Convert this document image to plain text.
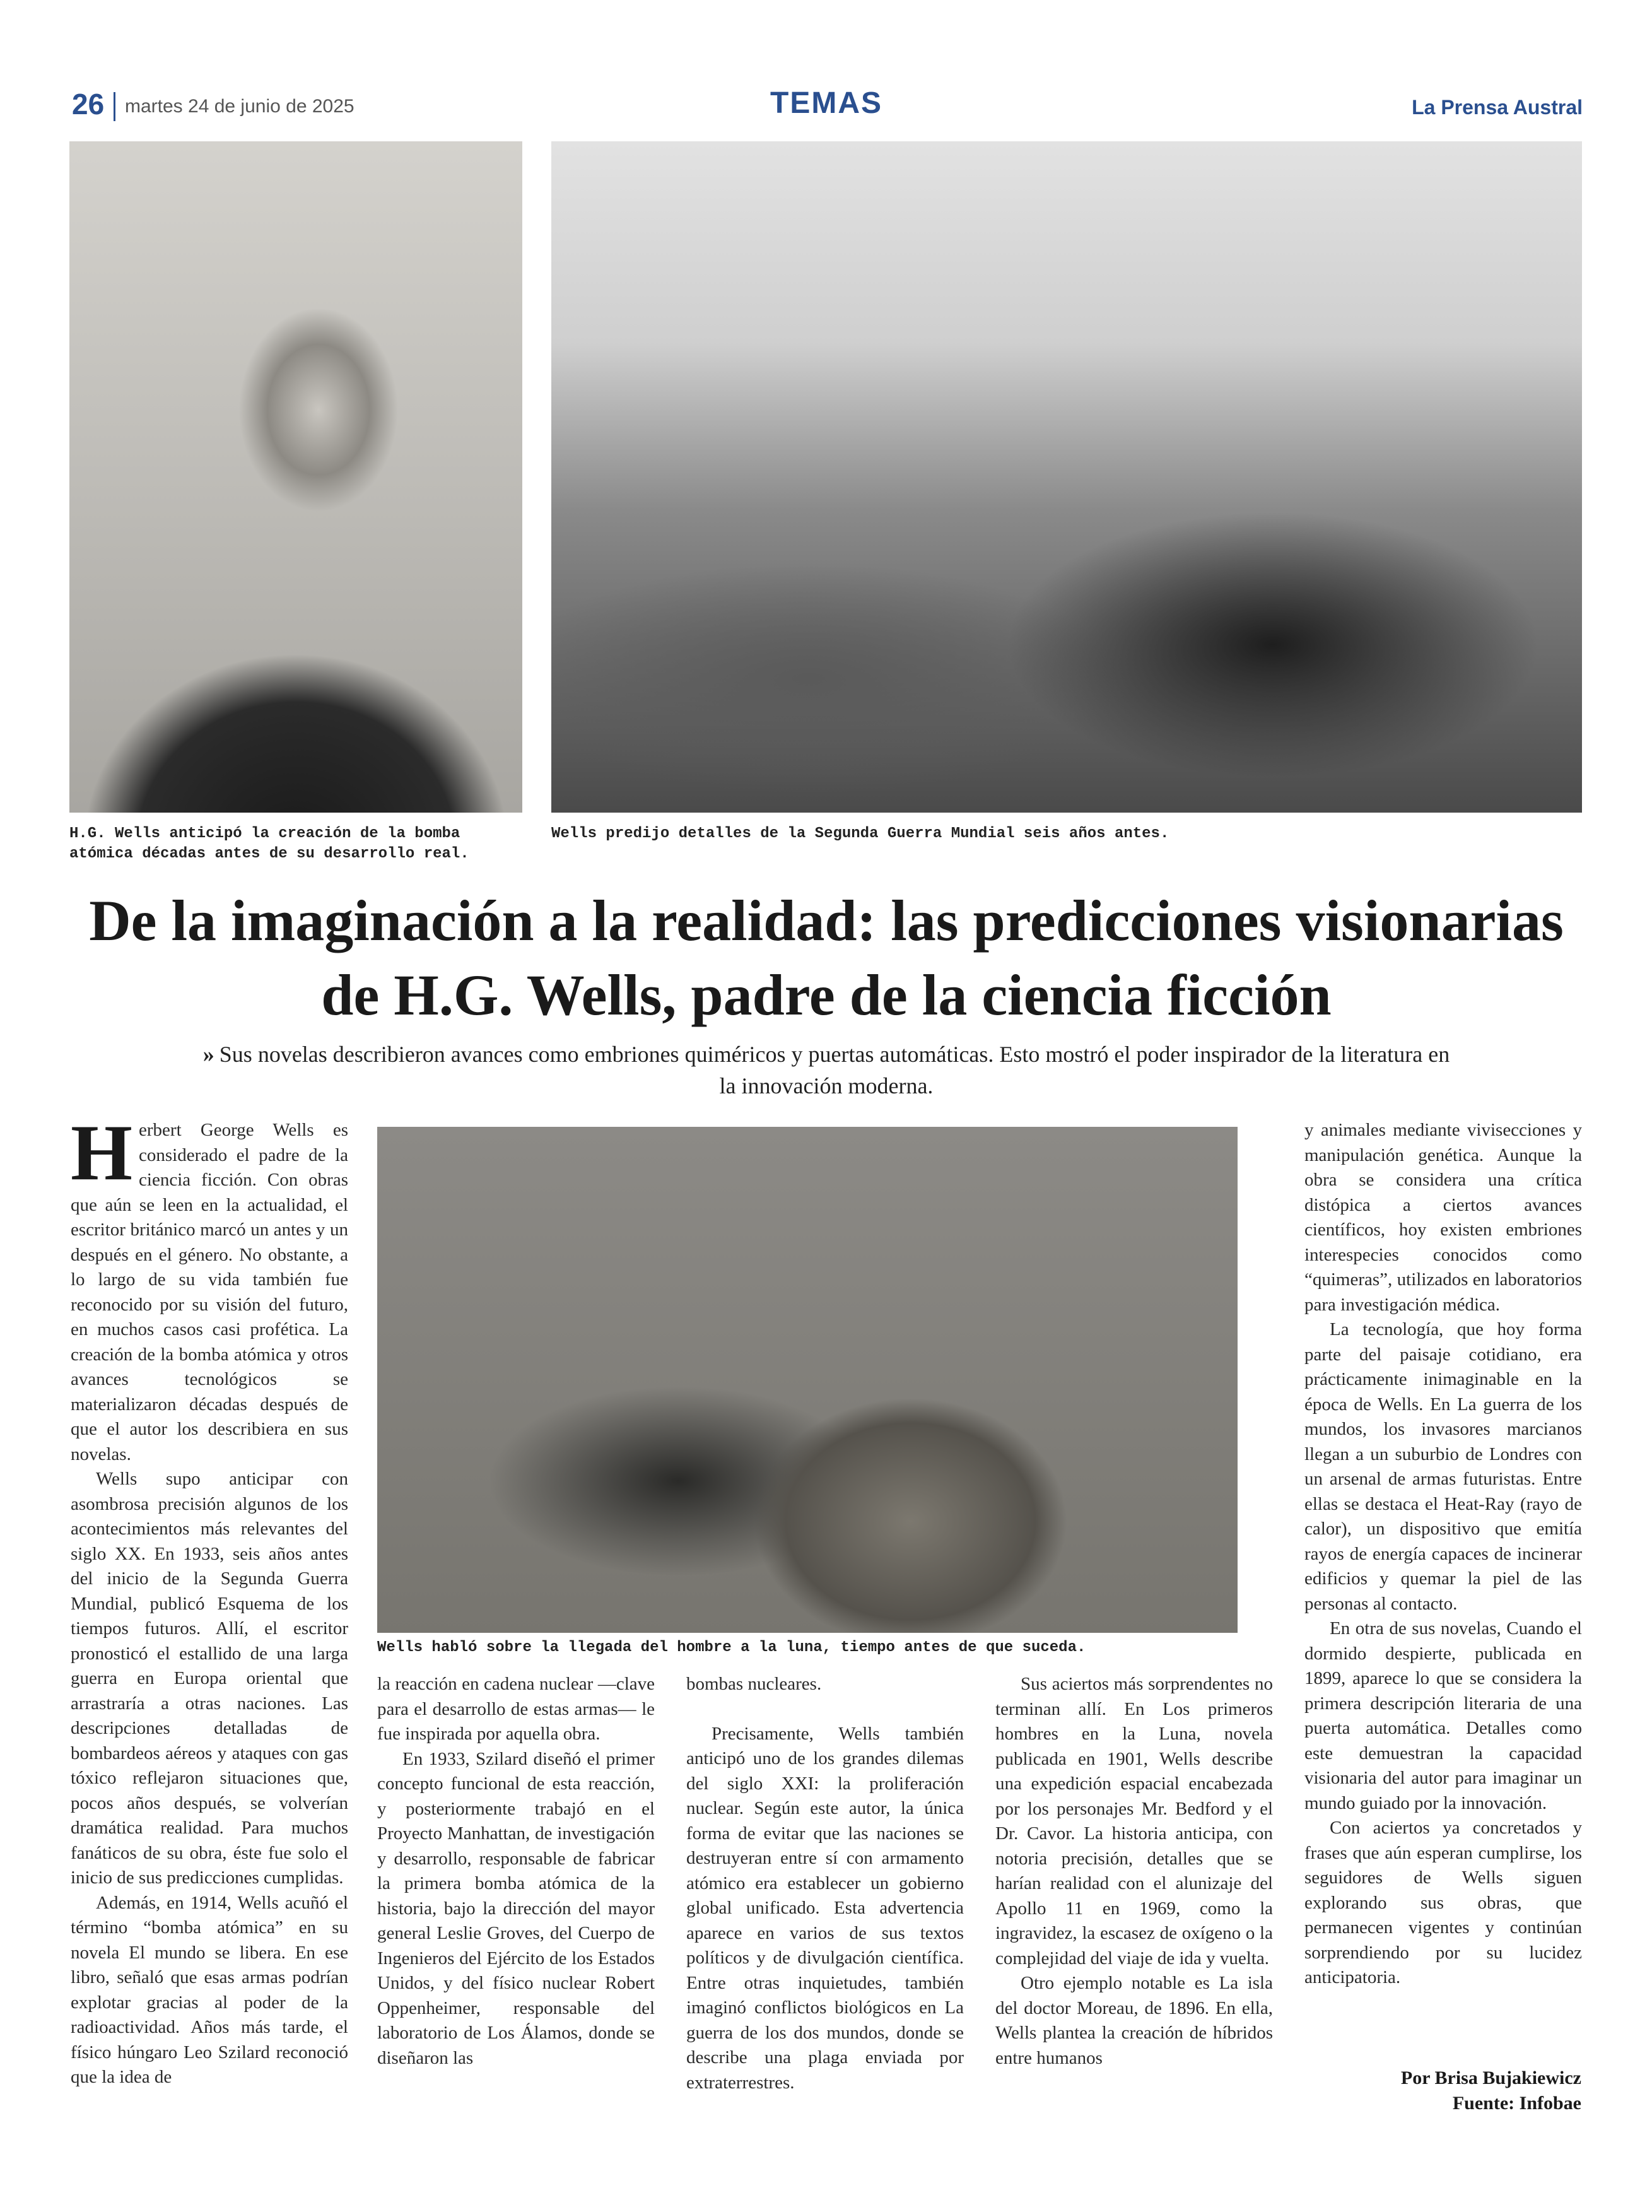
26 martes 24 de junio de 2025	TEMAS	La Prensa Austral
H.G. Wells anticipó la creación de la bomba atómica décadas antes de su desarrollo real.
Wells predijo detalles de la Segunda Guerra Mundial seis años antes.
De la imaginación a la realidad: las predicciones visionarias de H.G. Wells, padre de la ciencia ficción
» Sus novelas describieron avances como embriones quiméricos y puertas automáticas. Esto mostró el poder inspirador de la literatura en la innovación moderna.

Herbert George Wells es considerado el padre de la ciencia ficción. Con obras que aún se leen en la actualidad, el escritor británico marcó un antes y un después en el género. No obstante, a lo largo de su vida también fue reconocido por su visión del futuro, en muchos casos casi profética. La creación de la bomba atómica y otros avances tecnológicos se materializaron décadas después de que el autor los describiera en sus novelas.

Wells supo anticipar con asombrosa precisión algunos de los acontecimientos más relevantes del siglo XX. En 1933, seis años antes del inicio de la Segunda Guerra Mundial, publicó Esquema de los tiempos futuros. Allí, el escritor pronosticó el estallido de una larga guerra en Europa oriental que arrastraría a otras naciones. Las descripciones detalladas de bombardeos aéreos y ataques con gas tóxico reflejaron situaciones que, pocos años después, se volverían dramática realidad. Para muchos fanáticos de su obra, éste fue solo el inicio de sus predicciones cumplidas.

Además, en 1914, Wells acuñó el término “bomba atómica” en su novela El mundo se libera. En ese libro, señaló que esas armas podrían explotar gracias al poder de la radioactividad. Años más tarde, el físico húngaro Leo Szilard reconoció que la idea de

Wells habló sobre la llegada del hombre a la luna, tiempo antes de que suceda.

la reacción en cadena nuclear —clave para el desarrollo de estas armas— le fue inspirada por aquella obra.

En 1933, Szilard diseñó el primer concepto funcional de esta reacción, y posteriormente trabajó en el Proyecto Manhattan, de investigación y desarrollo, responsable de fabricar la primera bomba atómica de la historia, bajo la dirección del mayor general Leslie Groves, del Cuerpo de Ingenieros del Ejército de los Estados Unidos, y del físico nuclear Robert Oppenheimer, responsable del laboratorio de Los Álamos, donde se diseñaron las

bombas nucleares.

Precisamente, Wells también anticipó uno de los grandes dilemas del siglo XXI: la proliferación nuclear. Según este autor, la única forma de evitar que las naciones se destruyeran entre sí con armamento atómico era establecer un gobierno global unificado. Esta advertencia aparece en varios de sus textos políticos y de divulgación científica. Entre otras inquietudes, también imaginó conflictos biológicos en La guerra de los dos mundos, donde se describe una plaga enviada por extraterrestres.

Sus aciertos más sorprendentes no terminan allí. En Los primeros hombres en la Luna, novela publicada en 1901, Wells describe una expedición espacial encabezada por los personajes Mr. Bedford y el Dr. Cavor. La historia anticipa, con notoria precisión, detalles que se harían realidad con el alunizaje del Apollo 11 en 1969, como la ingravidez, la escasez de oxígeno o la complejidad del viaje de ida y vuelta.

Otro ejemplo notable es La isla del doctor Moreau, de 1896. En ella, Wells plantea la creación de híbridos entre humanos

y animales mediante vivisecciones y manipulación genética. Aunque la obra se considera una crítica distópica a ciertos avances científicos, hoy existen embriones interespecies conocidos como “quimeras”, utilizados en laboratorios para investigación médica.

La tecnología, que hoy forma parte del paisaje cotidiano, era prácticamente inimaginable en la época de Wells. En La guerra de los mundos, los invasores marcianos llegan a un suburbio de Londres con un arsenal de armas futuristas. Entre ellas se destaca el Heat-Ray (rayo de calor), un dispositivo que emitía rayos de energía capaces de incinerar edificios y quemar la piel de las personas al contacto.

En otra de sus novelas, Cuando el dormido despierte, publicada en 1899, aparece lo que se considera la primera descripción literaria de una puerta automática. Detalles como este demuestran la capacidad visionaria del autor para imaginar un mundo guiado por la innovación.

Con aciertos ya concretados y frases que aún esperan cumplirse, los seguidores de Wells siguen explorando sus obras, que permanecen vigentes y continúan sorprendiendo por su lucidez anticipatoria.

Por Brisa Bujakiewicz
Fuente: Infobae
